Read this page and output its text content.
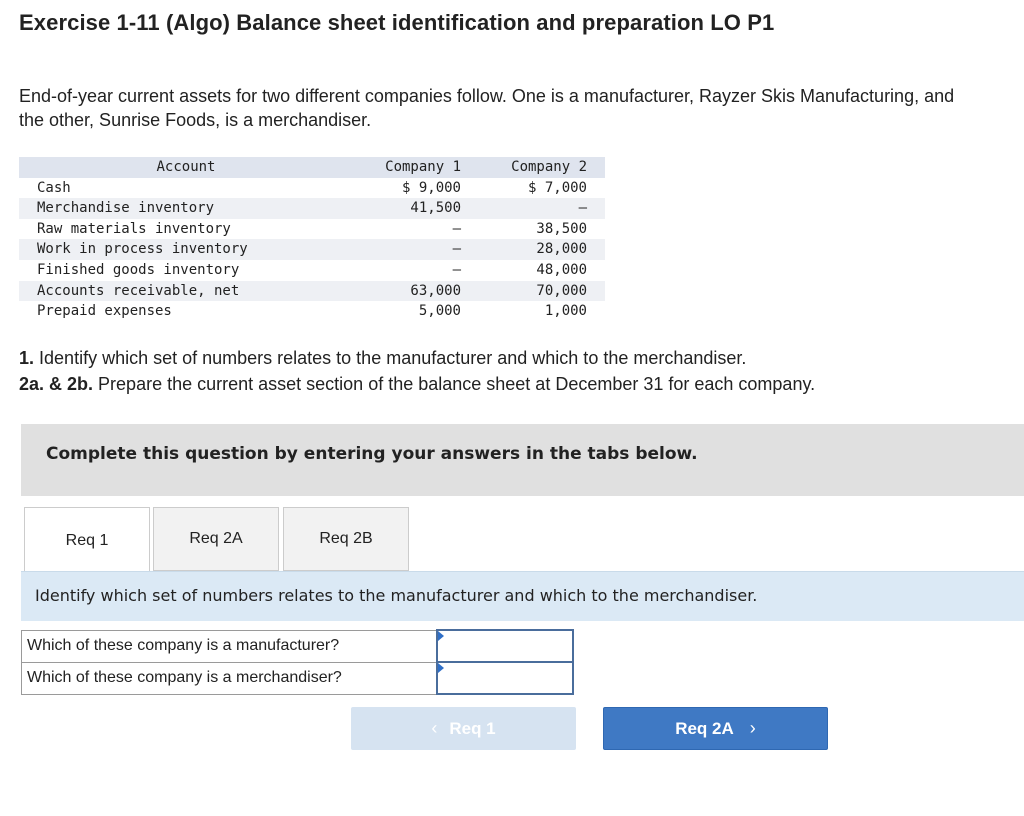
Exercise 1-11 (Algo) Balance sheet identification and preparation LO P1

End-of-year current assets for two different companies follow. One is a manufacturer, Rayzer Skis Manufacturing, and the other, Sunrise Foods, is a merchandiser.

Account	Company 1	Company 2
Cash	$ 9,000	$ 7,000
Merchandise inventory	41,500	–
Raw materials inventory	–	38,500
Work in process inventory	–	28,000
Finished goods inventory	–	48,000
Accounts receivable, net	63,000	70,000
Prepaid expenses	5,000	1,000

1. Identify which set of numbers relates to the manufacturer and which to the merchandiser.

2a. & 2b. Prepare the current asset section of the balance sheet at December 31 for each company.

Complete this question by entering your answers in the tabs below.
Req 1	Req 2A	Req 2B
Identify which set of numbers relates to the manufacturer and which to the merchandiser.
Which of these company is a manufacturer?	

Which of these company is a merchandiser?	
‹ Req 1	Req 2A ›
